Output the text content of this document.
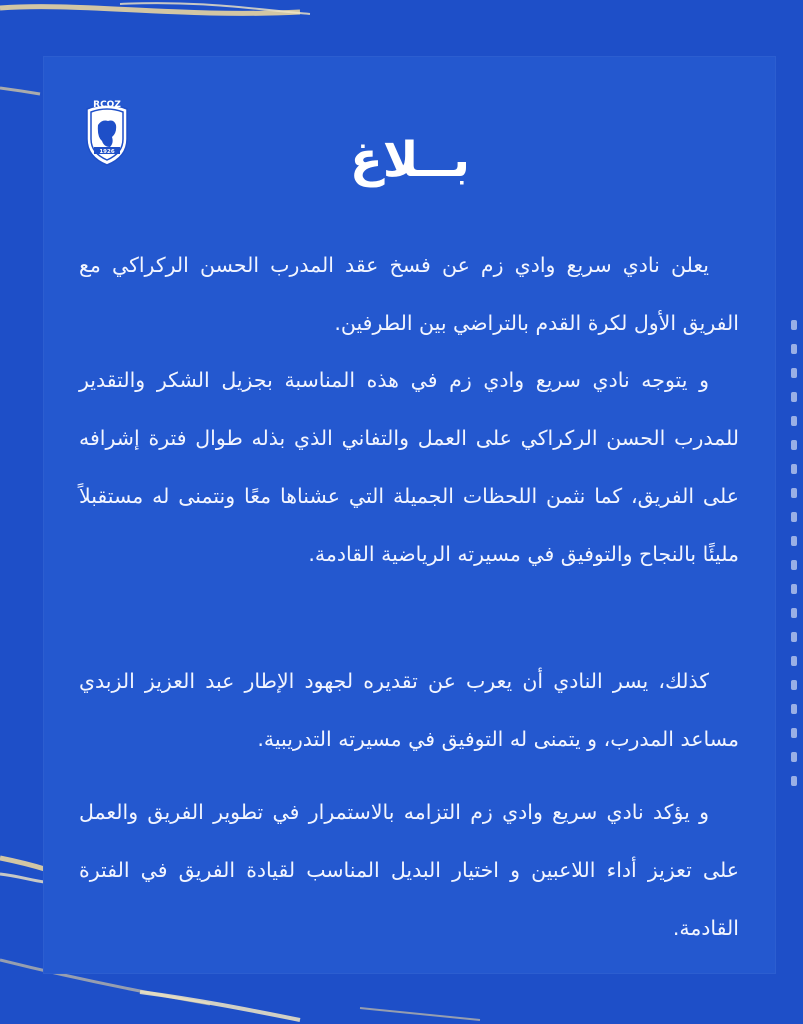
RCOZ
1926	بــلاغ
يعلن نادي سريع وادي زم عن فسخ عقد المدرب الحسن الركراكي مع الفريق الأول لكرة القدم بالتراضي بين الطرفين.
و يتوجه نادي سريع وادي زم في هذه المناسبة بجزيل الشكر والتقدير للمدرب الحسن الركراكي على العمل والتفاني الذي بذله طوال فترة إشرافه على الفريق، كما نثمن اللحظات الجميلة التي عشناها معًا ونتمنى له مستقبلاً مليئًا بالنجاح والتوفيق في مسيرته الرياضية القادمة.
كذلك، يسر النادي أن يعرب عن تقديره لجهود الإطار عبد العزيز الزبدي مساعد المدرب، و يتمنى له التوفيق في مسيرته التدريبية.
و يؤكد نادي سريع وادي زم التزامه بالاستمرار في تطوير الفريق والعمل على تعزيز أداء اللاعبين و اختيار البديل المناسب لقيادة الفريق في الفترة القادمة.
